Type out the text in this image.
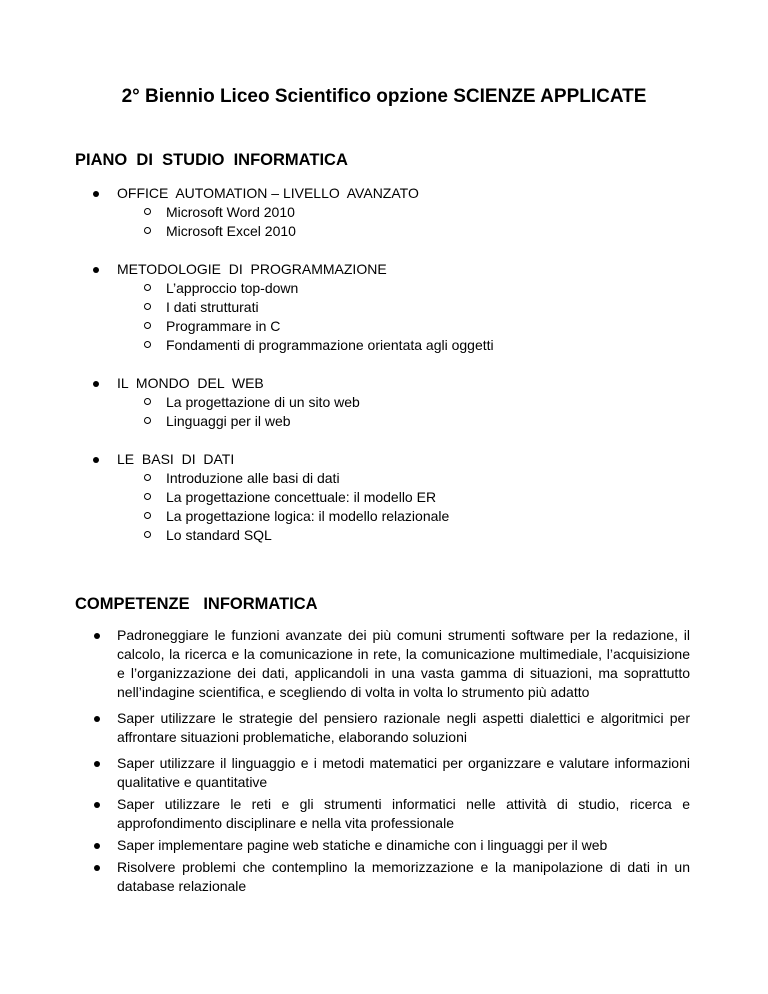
2° Biennio Liceo Scientifico opzione SCIENZE APPLICATE
PIANO  DI  STUDIO  INFORMATICA
OFFICE  AUTOMATION – LIVELLO  AVANZATO
Microsoft Word 2010
Microsoft Excel 2010
METODOLOGIE  DI  PROGRAMMAZIONE
L’approccio top-down
I dati strutturati
Programmare in C
Fondamenti di programmazione orientata agli oggetti
IL  MONDO  DEL  WEB
La progettazione di un sito web
Linguaggi per il web
LE  BASI  DI  DATI
Introduzione alle basi di dati
La progettazione concettuale: il modello ER
La progettazione logica: il modello relazionale
Lo standard SQL
COMPETENZE   INFORMATICA
Padroneggiare le funzioni avanzate dei più comuni strumenti software per la redazione, il calcolo, la ricerca e la comunicazione in rete, la comunicazione multimediale, l’acquisizione e l’organizzazione dei dati, applicandoli in una vasta gamma di situazioni, ma soprattutto nell’indagine scientifica, e scegliendo di volta in volta lo strumento più adatto
Saper utilizzare le strategie del pensiero razionale negli aspetti dialettici e algoritmici per affrontare situazioni problematiche, elaborando soluzioni
Saper utilizzare il linguaggio e i metodi matematici per organizzare e valutare informazioni qualitative e quantitative
Saper utilizzare le reti e gli strumenti informatici nelle attività di studio, ricerca e approfondimento disciplinare e nella vita professionale
Saper implementare pagine web statiche e dinamiche con i linguaggi per il web
Risolvere problemi che contemplino la memorizzazione e la manipolazione di dati in un database relazionale
